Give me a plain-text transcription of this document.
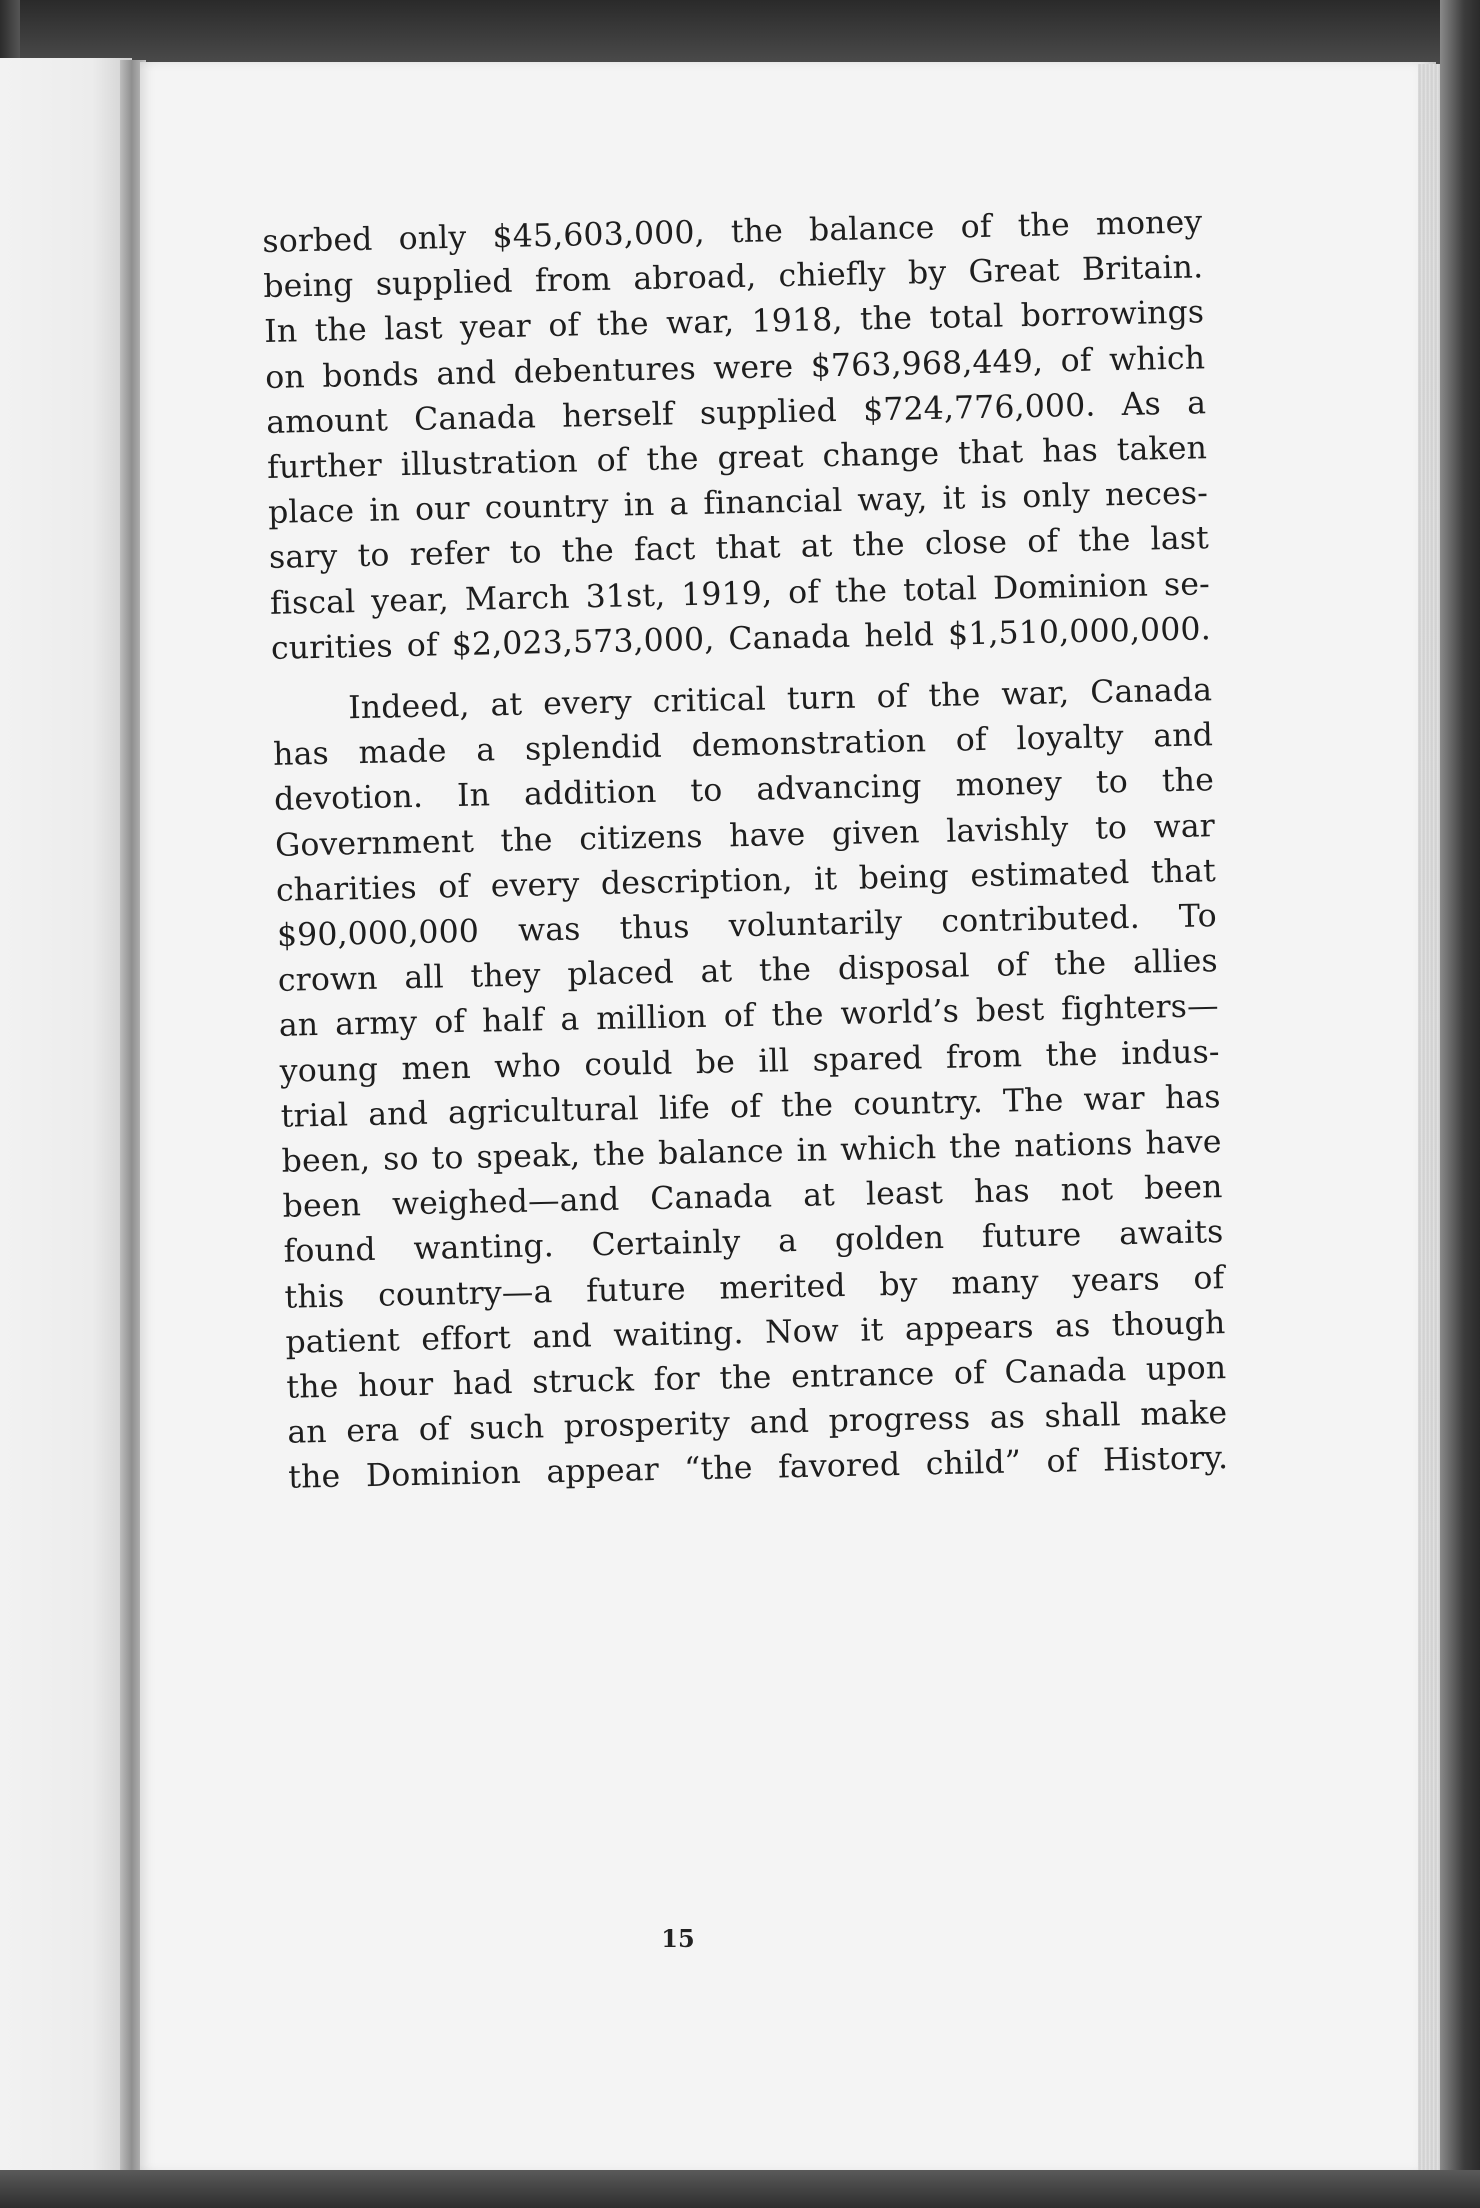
sorbed only $45,603,000, the balance of the money
being supplied from abroad, chiefly by Great Britain.
In the last year of the war, 1918, the total borrowings
on bonds and debentures were $763,968,449, of which
amount Canada herself supplied $724,776,000. As a
further illustration of the great change that has taken
place in our country in a financial way, it is only neces-
sary to refer to the fact that at the close of the last
fiscal year, March 31st, 1919, of the total Dominion se-
curities of $2,023,573,000, Canada held $1,510,000,000.

Indeed, at every critical turn of the war, Canada
has made a splendid demonstration of loyalty and
devotion. In addition to advancing money to the
Government the citizens have given lavishly to war
charities of every description, it being estimated that
$90,000,000 was thus voluntarily contributed. To
crown all they placed at the disposal of the allies
an army of half a million of the world’s best fighters—
young men who could be ill spared from the indus-
trial and agricultural life of the country. The war has
been, so to speak, the balance in which the nations have
been weighed—and Canada at least has not been
found wanting. Certainly a golden future awaits
this country—a future merited by many years of
patient effort and waiting. Now it appears as though
the hour had struck for the entrance of Canada upon
an era of such prosperity and progress as shall make
the Dominion appear “the favored child” of History.

15
